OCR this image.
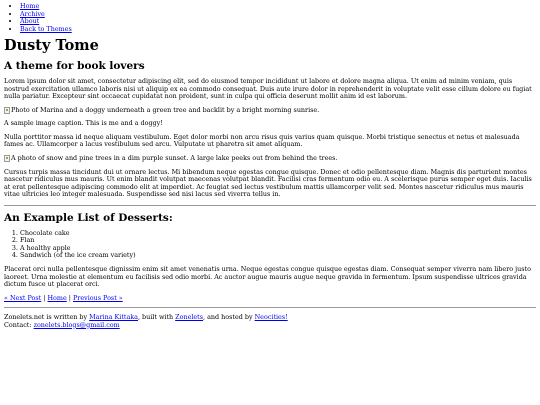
• Home
• Archive
• About
• Back to Themes
Dusty Tome
A theme for book lovers

Lorem ipsum dolor sit amet, consectetur adipiscing elit, sed do eiusmod tempor incididunt ut labore et dolore magna aliqua. Ut enim ad minim veniam, quis nostrud exercitation ullamco laboris nisi ut aliquip ex ea commodo consequat. Duis aute irure dolor in reprehenderit in voluptate velit esse cillum dolore eu fugiat nulla pariatur. Excepteur sint occaecat cupidatat non proident, sunt in culpa qui officia deserunt mollit anim id est laborum.

Photo of Marina and a doggy underneath a green tree and backlit by a bright morning sunrise.

A sample image caption. This is me and a doggy!

Nulla porttitor massa id neque aliquam vestibulum. Eget dolor morbi non arcu risus quis varius quam quisque. Morbi tristique senectus et netus et malesuada fames ac. Ullamcorper a lacus vestibulum sed arcu. Vulputate ut pharetra sit amet aliquam.

A photo of snow and pine trees in a dim purple sunset. A large lake peeks out from behind the trees.

Cursus turpis massa tincidunt dui ut ornare lectus. Mi bibendum neque egestas congue quisque. Donec et odio pellentesque diam. Magnis dis parturient montes nascetur ridiculus mus mauris. Ut enim blandit volutpat maecenas volutpat blandit. Facilisi cras fermentum odio eu. A scelerisque purus semper eget duis. Iaculis at erat pellentesque adipiscing commodo elit at imperdiet. Ac feugiat sed lectus vestibulum mattis ullamcorper velit sed. Montes nascetur ridiculus mus mauris vitae ultricies leo integer malesuada. Suspendisse sed nisi lacus sed viverra tellus in.

An Example List of Desserts:
1. Chocolate cake
2. Flan
3. A healthy apple
4. Sandwich (of the ice cream variety)

Placerat orci nulla pellentesque dignissim enim sit amet venenatis urna. Neque egestas congue quisque egestas diam. Consequat semper viverra nam libero justo laoreet. Urna molestie at elementum eu facilisis sed odio morbi. Ac auctor augue mauris augue neque gravida in fermentum. Ipsum suspendisse ultrices gravida dictum fusce ut placerat orci.

« Next Post | Home | Previous Post »

Zonelets.net is written by Marina Kittaka, built with Zonelets, and hosted by Neocities!

Contact: zonelets.blogs@gmail.com
